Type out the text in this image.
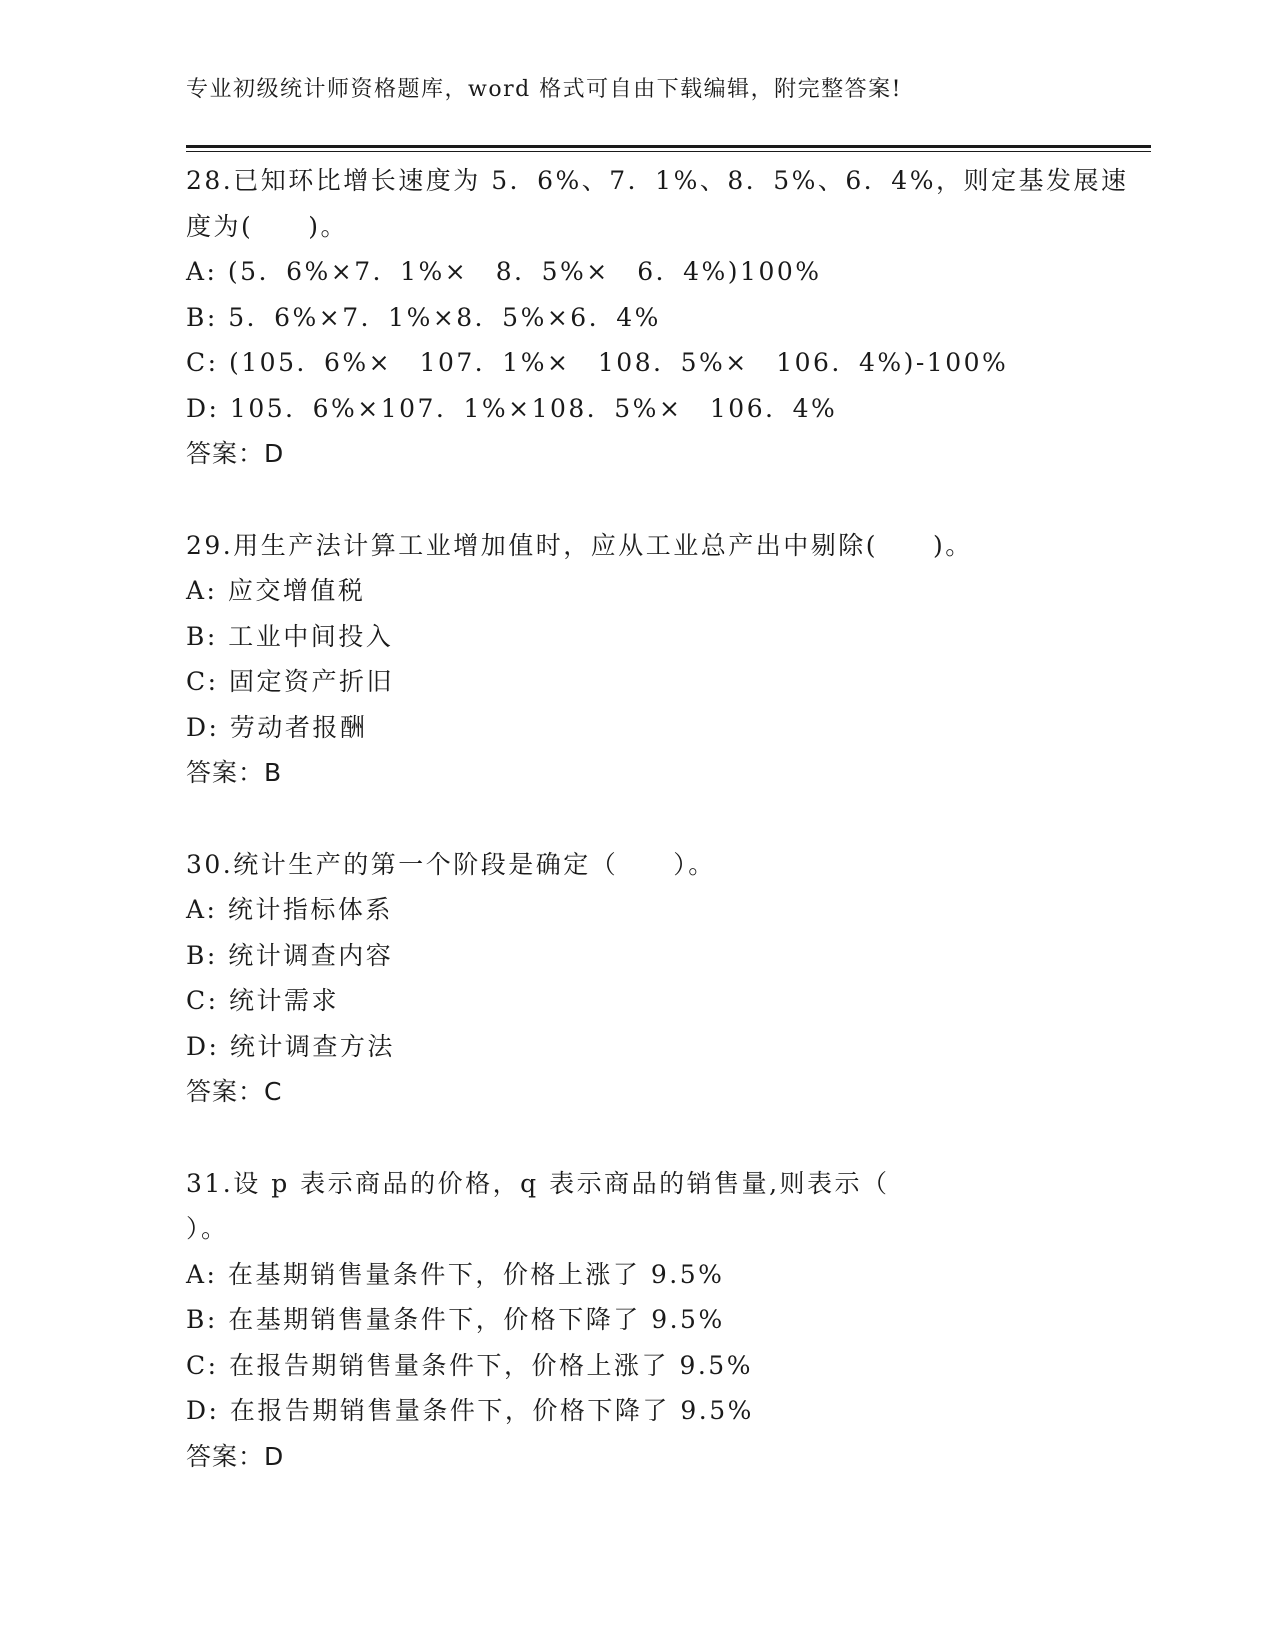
专业初级统计师资格题库，word 格式可自由下载编辑，附完整答案!
28.已知环比增长速度为 5．6%、7．1%、8．5%、6．4%，则定基发展速
度为(　　)。
A: (5．6%×7．1%×　8．5%×　6．4%)100%
B: 5．6%×7．1%×8．5%×6．4%
C: (105．6%×　107．1%×　108．5%×　106．4%)-100%
D: 105．6%×107．1%×108．5%×　106．4%
答案：D
29.用生产法计算工业增加值时，应从工业总产出中剔除(　　)。
A: 应交增值税
B: 工业中间投入
C: 固定资产折旧
D: 劳动者报酬
答案：B
30.统计生产的第一个阶段是确定（　　）。
A: 统计指标体系
B: 统计调查内容
C: 统计需求
D: 统计调查方法
答案：C
31.设 p 表示商品的价格，q 表示商品的销售量,则表示（
）。
A: 在基期销售量条件下，价格上涨了 9.5%
B: 在基期销售量条件下，价格下降了 9.5%
C: 在报告期销售量条件下，价格上涨了 9.5%
D: 在报告期销售量条件下，价格下降了 9.5%
答案：D
